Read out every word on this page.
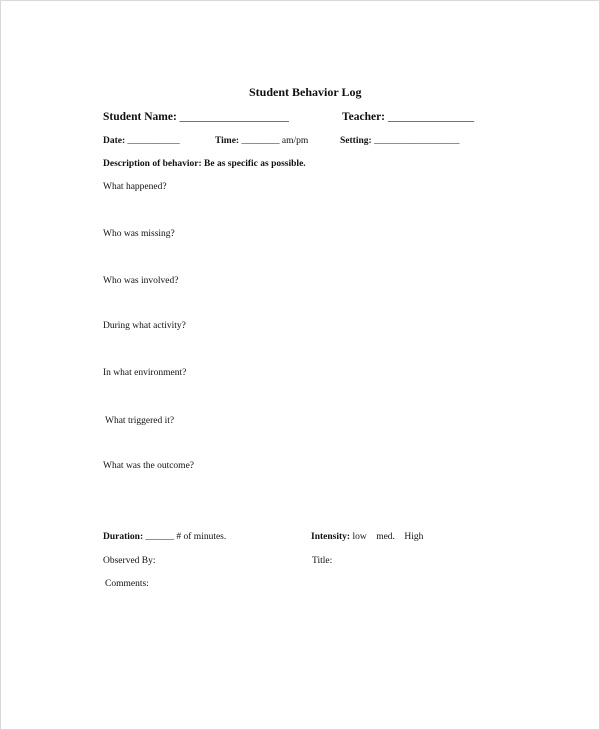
Student Behavior Log
Student Name: ___________________	Teacher: _______________
Date: ___________	Time: ________ am/pm	Setting: __________________
Description of behavior: Be as specific as possible.
What happened?
Who was missing?
Who was involved?
During what activity?
In what environment?
What triggered it?
What was the outcome?
Duration: ______ # of minutes.	Intensity: low    med.    High
Observed By:	Title:
Comments:
